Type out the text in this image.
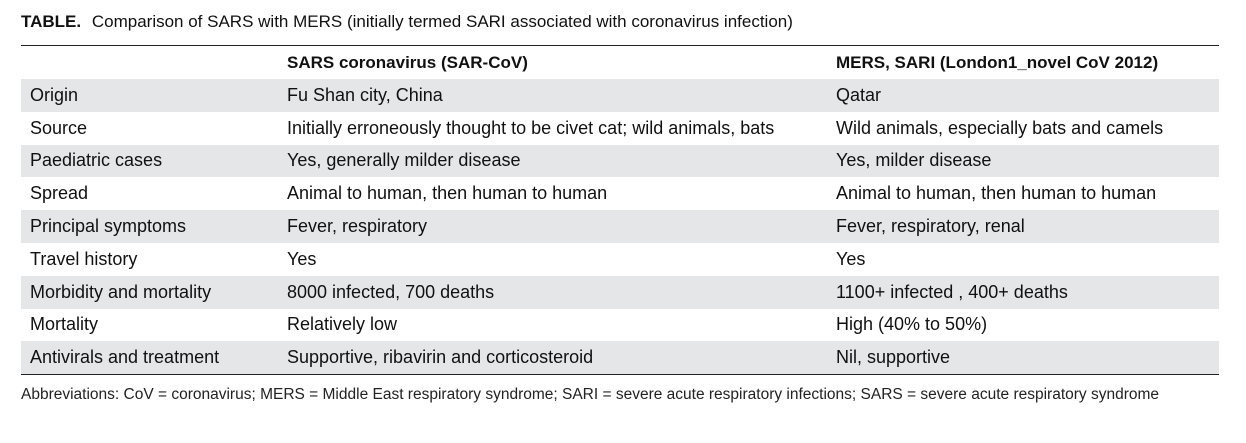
TABLE. Comparison of SARS with MERS (initially termed SARI associated with coronavirus infection)
	SARS coronavirus (SAR-CoV)	MERS, SARI (London1_novel CoV 2012)
Origin	Fu Shan city, China	Qatar
Source	Initially erroneously thought to be civet cat; wild animals, bats	Wild animals, especially bats and camels
Paediatric cases	Yes, generally milder disease	Yes, milder disease
Spread	Animal to human, then human to human	Animal to human, then human to human
Principal symptoms	Fever, respiratory	Fever, respiratory, renal
Travel history	Yes	Yes
Morbidity and mortality	8000 infected, 700 deaths	1100+ infected , 400+ deaths
Mortality	Relatively low	High (40% to 50%)
Antivirals and treatment	Supportive, ribavirin and corticosteroid	Nil, supportive
Abbreviations: CoV = coronavirus; MERS = Middle East respiratory syndrome; SARI = severe acute respiratory infections; SARS = severe acute respiratory syndrome
